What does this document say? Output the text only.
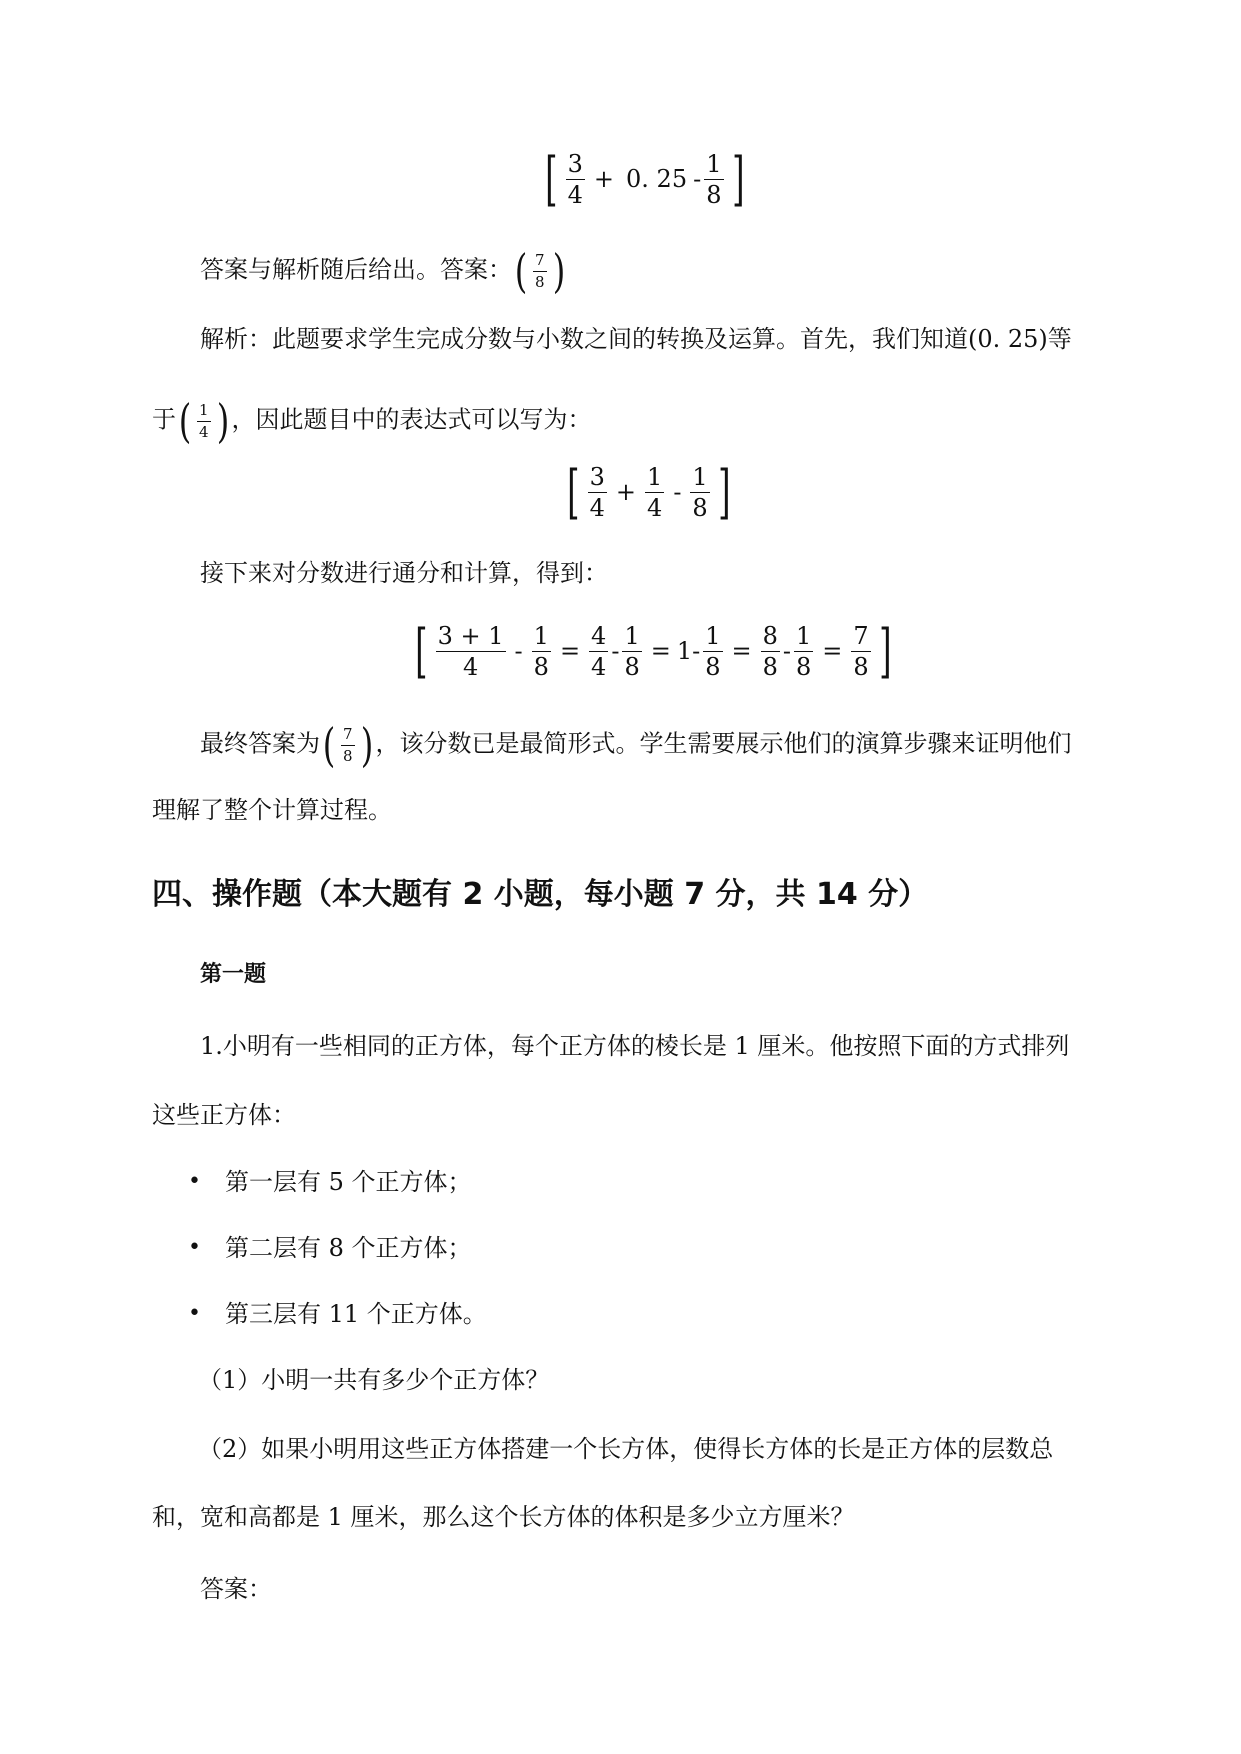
[ $\frac{3}{4} + 0$. $25 - \frac{1}{8}$ ]
答案与解析随后给出。答案： ( $\frac{7}{8}$ )
解析：此题要求学生完成分数与小数之间的转换及运算。首先，我们知道(0. 25)等
于 ( $\frac{1}{4}$ ) ，因此题目中的表达式可以写为：
[ $\frac{3}{4} + \frac{1}{4} - \frac{1}{8}$ ]
接下来对分数进行通分和计算，得到：
[ $\frac{3 + 1}{4} - \frac{1}{8} = \frac{4}{4} - \frac{1}{8} = 1- \frac{1}{8} = \frac{8}{8} - \frac{1}{8} = \frac{7}{8}$ ]
最终答案为 ( $\frac{7}{8}$ ) ，该分数已是最简形式。学生需要展示他们的演算步骤来证明他们
理解了整个计算过程。
四、操作题（本大题有 2 小题，每小题 7 分，共 14 分）
第一题
1.小明有一些相同的正方体，每个正方体的棱长是 1 厘米。他按照下面的方式排列
这些正方体：
• 第一层有 5 个正方体；
• 第二层有 8 个正方体；
• 第三层有 11 个正方体。
（1）小明一共有多少个正方体？
（2）如果小明用这些正方体搭建一个长方体，使得长方体的长是正方体的层数总
和，宽和高都是 1 厘米，那么这个长方体的体积是多少立方厘米？
答案：
